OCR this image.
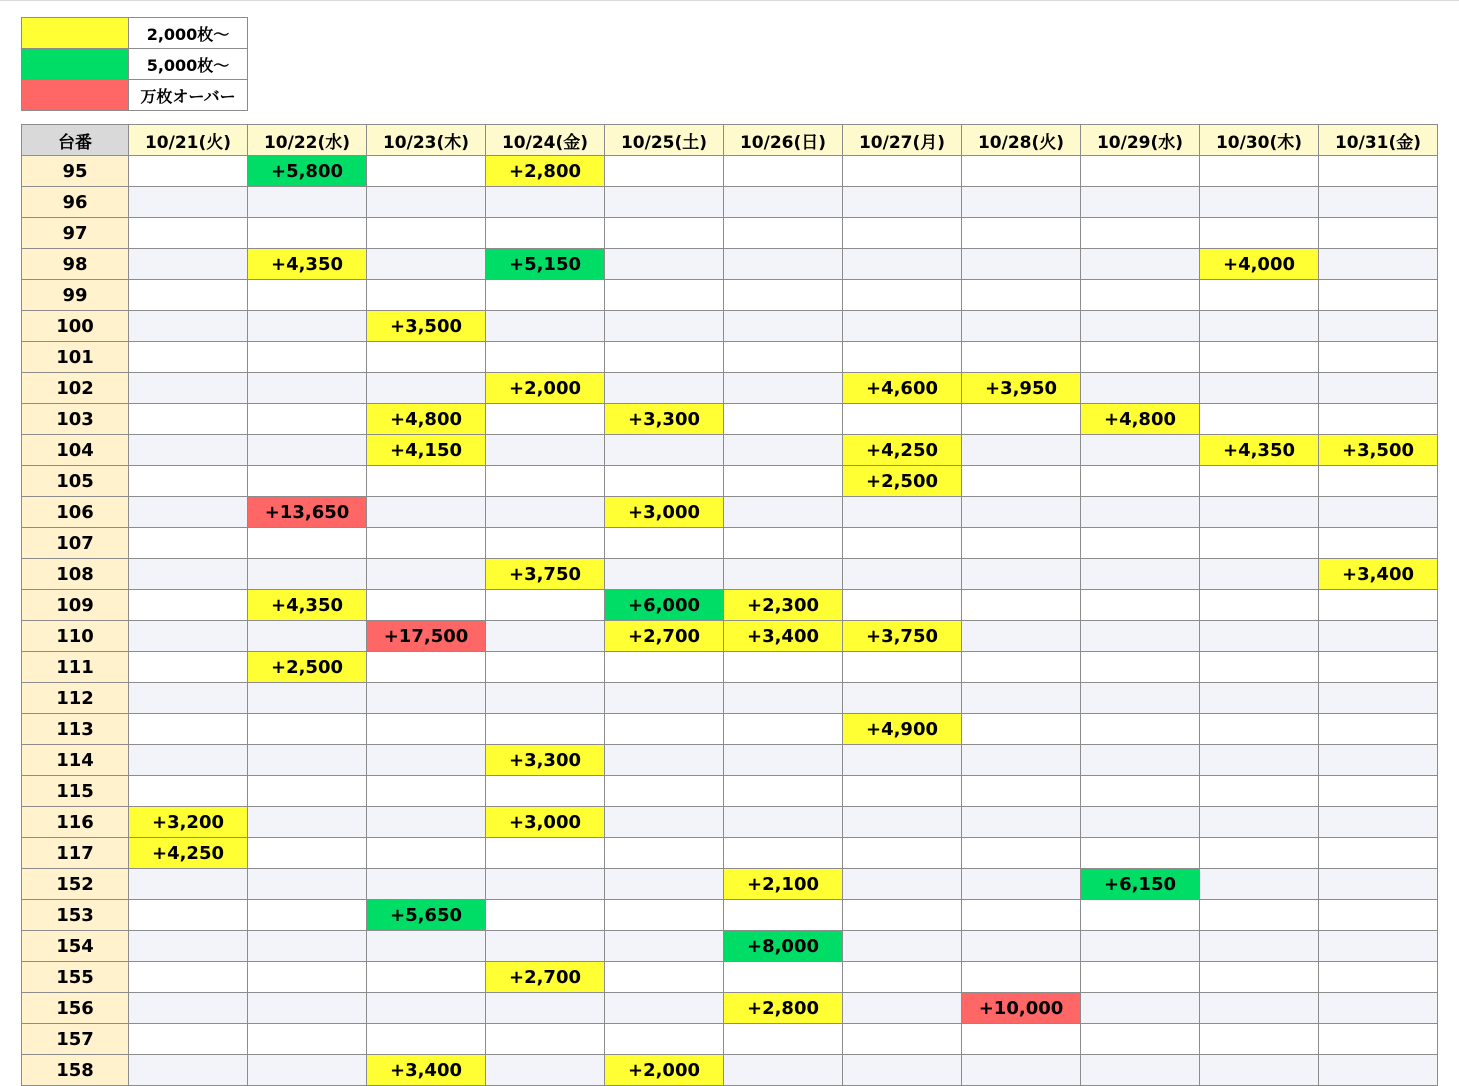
	2,000枚〜
	5,000枚〜
	万枚オーバー
台番	10/21(火)	10/22(水)	10/23(木)	10/24(金)	10/25(土)	10/26(日)	10/27(月)	10/28(火)	10/29(水)	10/30(木)	10/31(金)
95		+5,800		+2,800							
96											
97											
98		+4,350		+5,150						+4,000	
99											
100			+3,500								
101											
102				+2,000			+4,600	+3,950			
103			+4,800		+3,300				+4,800		
104			+4,150				+4,250			+4,350	+3,500
105							+2,500				
106		+13,650			+3,000						
107											
108				+3,750							+3,400
109		+4,350			+6,000	+2,300					
110			+17,500		+2,700	+3,400	+3,750				
111		+2,500									
112											
113							+4,900				
114				+3,300							
115											
116	+3,200			+3,000							
117	+4,250										
152						+2,100			+6,150		
153			+5,650								
154						+8,000					
155				+2,700							
156						+2,800		+10,000			
157											
158			+3,400		+2,000						
